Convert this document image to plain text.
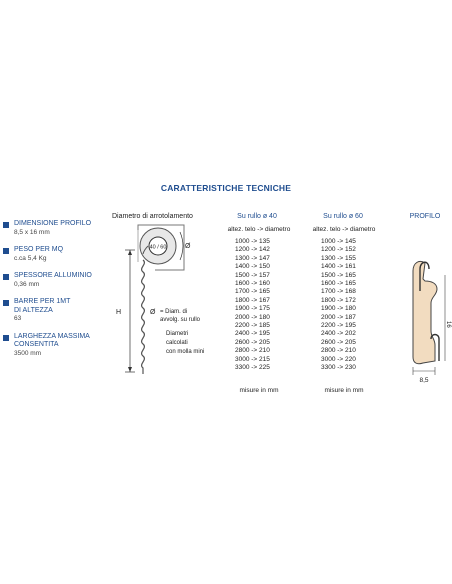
CARATTERISTICHE TECNICHE
DIMENSIONE PROFILO
8,5 x 16 mm
PESO PER MQ
c.ca 5,4 Kg
SPESSORE ALLUMINIO
0,36 mm
BARRE PER 1MT
DI ALTEZZA
63
LARGHEZZA MASSIMA
CONSENTITA
3500 mm
Diametro di arrotolamento
40 / 60	Ø
H	Ø = Diam. di
avvolg. su rullo
Diametri
calcolati
con molla mini
Su rullo ø 40
altez. telo -> diametro
1000 -> 135
1200 -> 142
1300 -> 147
1400 -> 150
1500 -> 157
1600 -> 160
1700 -> 165
1800 -> 167
1900 -> 175
2000 -> 180
2200 -> 185
2400 -> 195
2600 -> 205
2800 -> 210
3000 -> 215
3300 -> 225
misure in mm
Su rullo ø 60
altez. telo -> diametro
1000 -> 145
1200 -> 152
1300 -> 155
1400 -> 161
1500 -> 165
1600 -> 165
1700 -> 168
1800 -> 172
1900 -> 180
2000 -> 187
2200 -> 195
2400 -> 202
2600 -> 205
2800 -> 210
3000 -> 220
3300 -> 230
misure in mm
PROFILO
16
8,5
